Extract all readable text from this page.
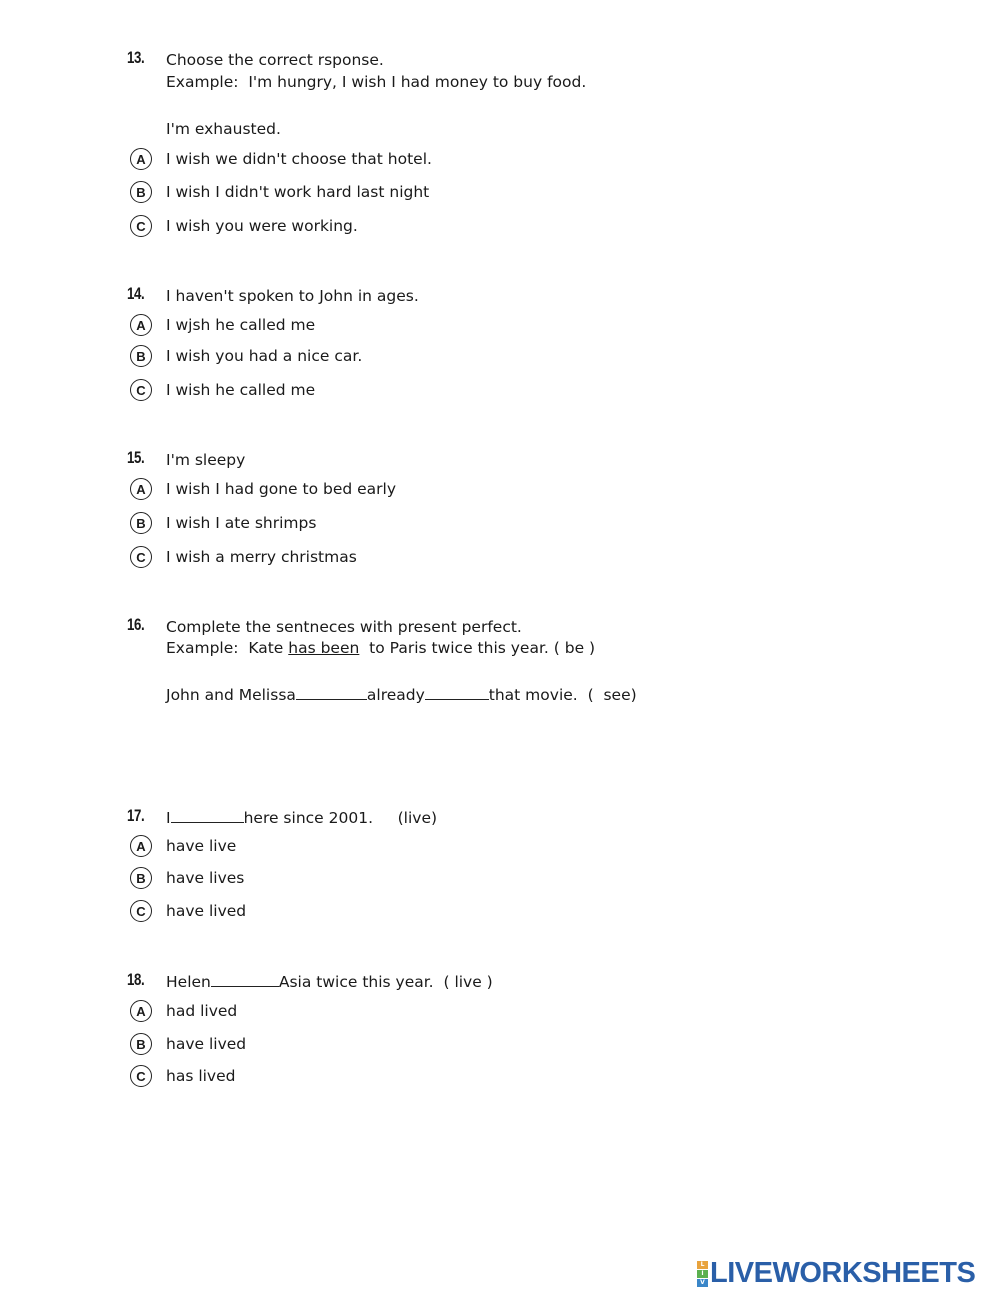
13. Choose the correct rsponse.
Example:  I'm hungry, I wish I had money to buy food.
I'm exhausted.
A	I wish we didn't choose that hotel.
B	I wish I didn't work hard last night
C	I wish you were working.
14. I haven't spoken to John in ages.
A	I wjsh he called me
B	I wish you had a nice car.
C	I wish he called me
15. I'm sleepy
A	I wish I had gone to bed early
B	I wish I ate shrimps
C	I wish a merry christmas
16. Complete the sentneces with present perfect.
Example:  Kate has been  to Paris twice this year. ( be )
John and Melissa	already	that movie.  (  see)
17. I	here since 2001.     (live)
A	have live
B	have lives
C	have lived
18. Helen	Asia twice this year.  ( live )
A	had lived
B	have lived
C	has lived
L
I
V LIVEWORKSHEETS
